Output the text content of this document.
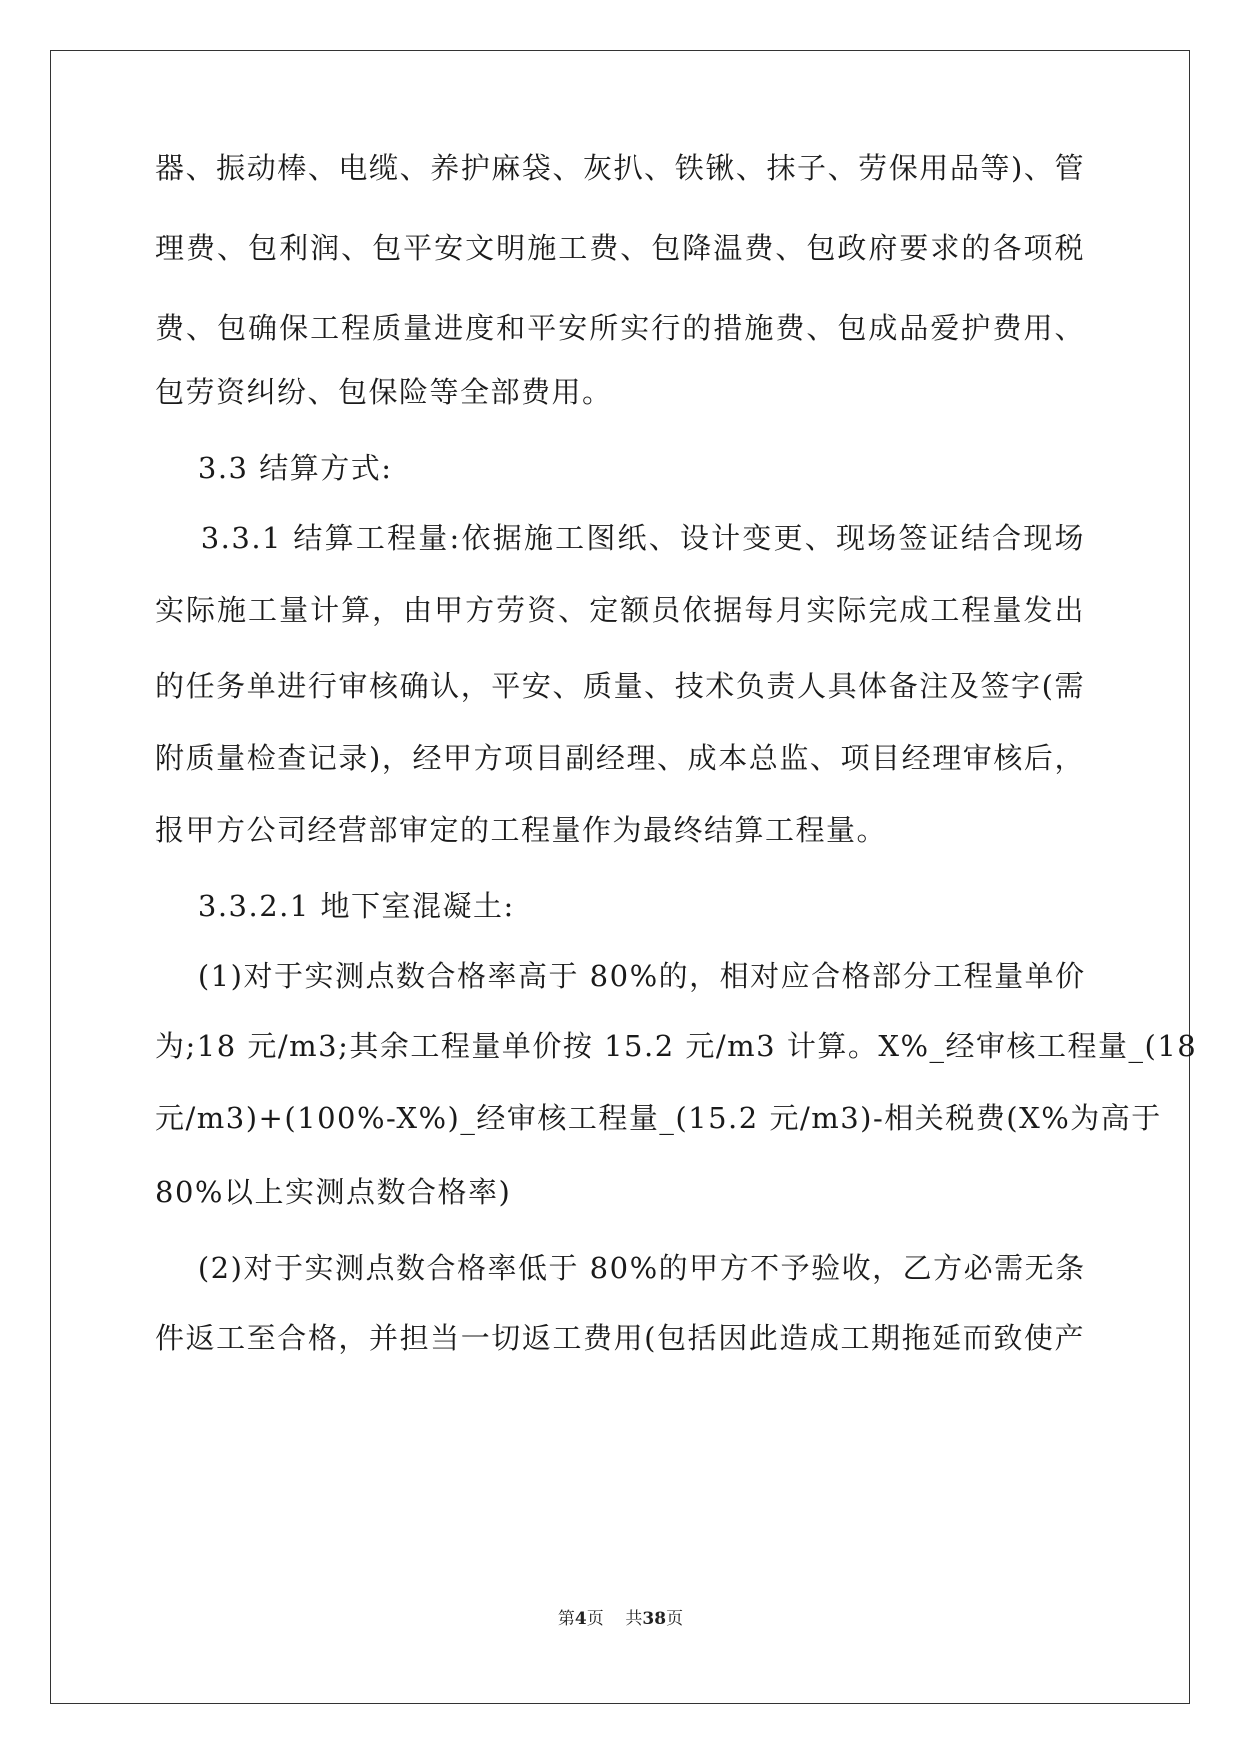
器、振动棒、电缆、养护麻袋、灰扒、铁锹、抹子、劳保用品等)、管
理费、包利润、包平安文明施工费、包降温费、包政府要求的各项税
费、包确保工程质量进度和平安所实行的措施费、包成品爱护费用、
包劳资纠纷、包保险等全部费用。
3.3 结算方式:
3.3.1 结算工程量:依据施工图纸、设计变更、现场签证结合现场
实际施工量计算，由甲方劳资、定额员依据每月实际完成工程量发出
的任务单进行审核确认，平安、质量、技术负责人具体备注及签字(需
附质量检查记录)，经甲方项目副经理、成本总监、项目经理审核后，
报甲方公司经营部审定的工程量作为最终结算工程量。
3.3.2.1 地下室混凝土:
(1)对于实测点数合格率高于 80%的，相对应合格部分工程量单价
为;18 元/m3;其余工程量单价按 15.2 元/m3 计算。X%_经审核工程量_(18
元/m3)+(100%-X%)_经审核工程量_(15.2 元/m3)-相关税费(X%为高于
80%以上实测点数合格率)
(2)对于实测点数合格率低于 80%的甲方不予验收，乙方必需无条
件返工至合格，并担当一切返工费用(包括因此造成工期拖延而致使产
第4页 共38页
